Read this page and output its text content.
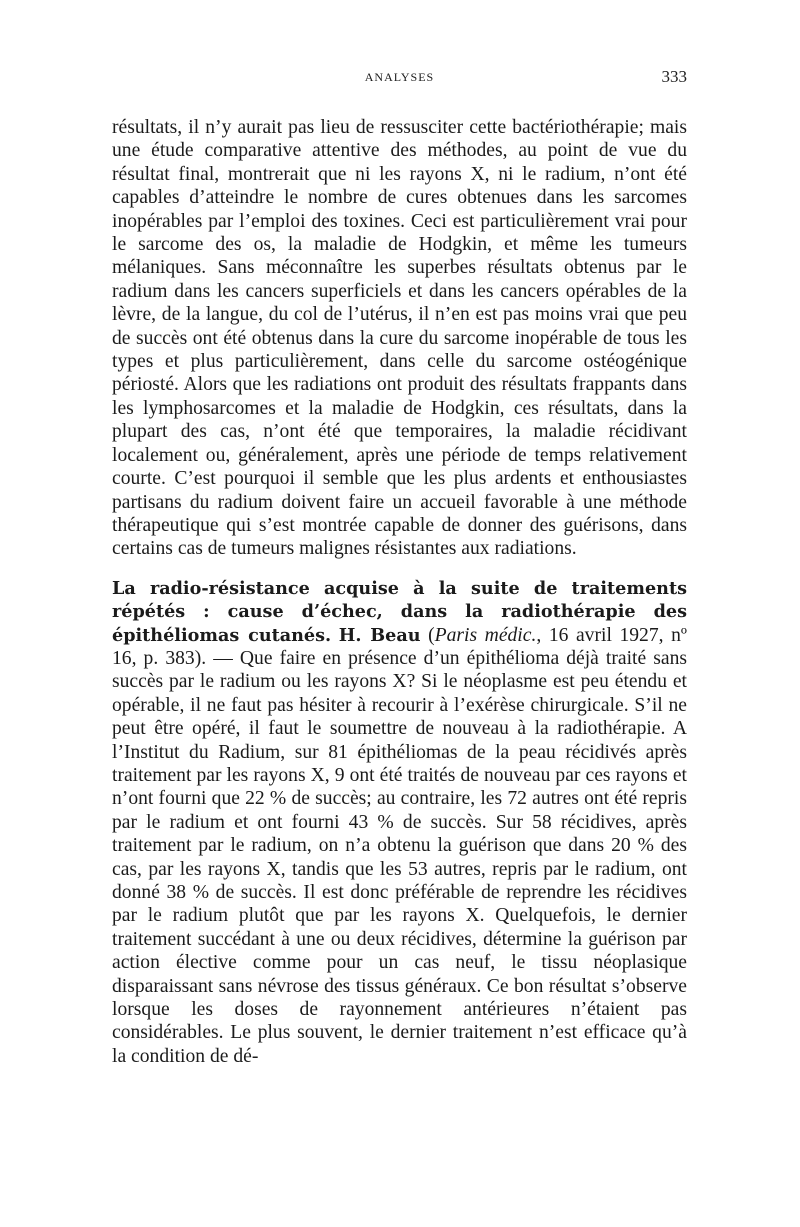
ANALYSES	333

résultats, il n’y aurait pas lieu de ressusciter cette bactériothérapie; mais une étude comparative attentive des méthodes, au point de vue du résultat final, montrerait que ni les rayons X, ni le radium, n’ont été capables d’atteindre le nombre de cures obtenues dans les sarcomes inopérables par l’emploi des toxines. Ceci est particulièrement vrai pour le sarcome des os, la maladie de Hodgkin, et même les tumeurs mélaniques. Sans méconnaître les superbes résultats obtenus par le radium dans les cancers superficiels et dans les cancers opérables de la lèvre, de la langue, du col de l’utérus, il n’en est pas moins vrai que peu de succès ont été obtenus dans la cure du sarcome inopérable de tous les types et plus particulièrement, dans celle du sarcome ostéogénique périosté. Alors que les radiations ont produit des résultats frappants dans les lymphosarcomes et la maladie de Hodgkin, ces résultats, dans la plupart des cas, n’ont été que temporaires, la maladie récidivant localement ou, généralement, après une période de temps relativement courte. C’est pourquoi il semble que les plus ardents et enthousiastes partisans du radium doivent faire un accueil favorable à une méthode thérapeutique qui s’est montrée capable de donner des guérisons, dans certains cas de tumeurs malignes résistantes aux radiations.

La radio-résistance acquise à la suite de traitements répétés : cause d’échec, dans la radiothérapie des épithéliomas cutanés. H. Beau (Paris médic., 16 avril 1927, nº 16, p. 383). — Que faire en présence d’un épithélioma déjà traité sans succès par le radium ou les rayons X? Si le néoplasme est peu étendu et opérable, il ne faut pas hésiter à recourir à l’exérèse chirurgicale. S’il ne peut être opéré, il faut le soumettre de nouveau à la radiothérapie. A l’Institut du Radium, sur 81 épithéliomas de la peau récidivés après traitement par les rayons X, 9 ont été traités de nouveau par ces rayons et n’ont fourni que 22 % de succès; au contraire, les 72 autres ont été repris par le radium et ont fourni 43 % de succès. Sur 58 récidives, après traitement par le radium, on n’a obtenu la guérison que dans 20 % des cas, par les rayons X, tandis que les 53 autres, repris par le radium, ont donné 38 % de succès. Il est donc préférable de reprendre les récidives par le radium plutôt que par les rayons X. Quelquefois, le dernier traitement succédant à une ou deux récidives, détermine la guérison par action élective comme pour un cas neuf, le tissu néoplasique disparaissant sans névrose des tissus généraux. Ce bon résultat s’observe lorsque les doses de rayonnement antérieures n’étaient pas considérables. Le plus souvent, le dernier traitement n’est efficace qu’à la condition de dé-
